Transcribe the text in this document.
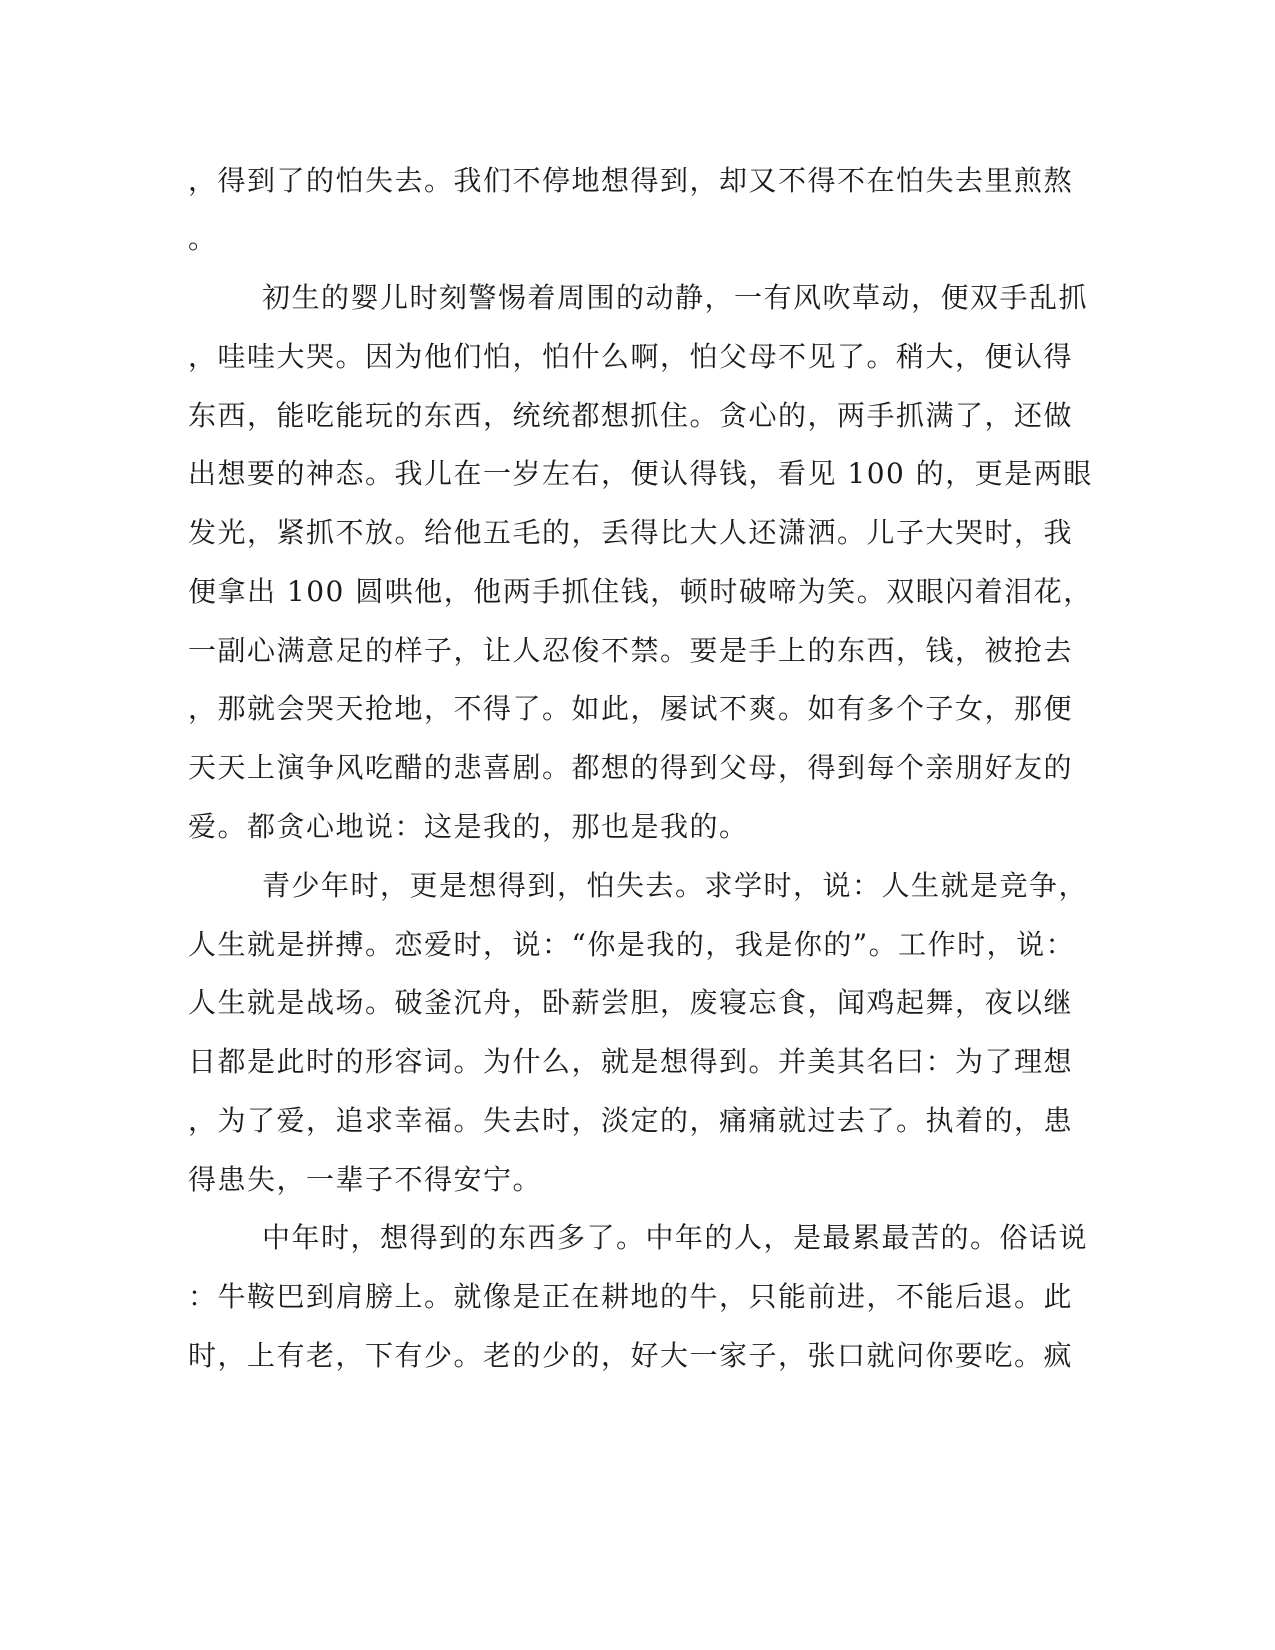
，得到了的怕失去。我们不停地想得到，却又不得不在怕失去里煎熬
。
初生的婴儿时刻警惕着周围的动静，一有风吹草动，便双手乱抓
，哇哇大哭。因为他们怕，怕什么啊，怕父母不见了。稍大，便认得
东西，能吃能玩的东西，统统都想抓住。贪心的，两手抓满了，还做
出想要的神态。我儿在一岁左右，便认得钱，看见 100 的，更是两眼
发光，紧抓不放。给他五毛的，丢得比大人还潇洒。儿子大哭时，我
便拿出 100 圆哄他，他两手抓住钱，顿时破啼为笑。双眼闪着泪花，
一副心满意足的样子，让人忍俊不禁。要是手上的东西，钱，被抢去
，那就会哭天抢地，不得了。如此，屡试不爽。如有多个子女，那便
天天上演争风吃醋的悲喜剧。都想的得到父母，得到每个亲朋好友的
爱。都贪心地说：这是我的，那也是我的。
青少年时，更是想得到，怕失去。求学时，说：人生就是竞争，
人生就是拼搏。恋爱时，说：“你是我的，我是你的”。工作时，说：
人生就是战场。破釜沉舟，卧薪尝胆，废寝忘食，闻鸡起舞，夜以继
日都是此时的形容词。为什么，就是想得到。并美其名曰：为了理想
，为了爱，追求幸福。失去时，淡定的，痛痛就过去了。执着的，患
得患失，一辈子不得安宁。
中年时，想得到的东西多了。中年的人，是最累最苦的。俗话说
：牛鞍巴到肩膀上。就像是正在耕地的牛，只能前进，不能后退。此
时，上有老，下有少。老的少的，好大一家子，张口就问你要吃。疯
